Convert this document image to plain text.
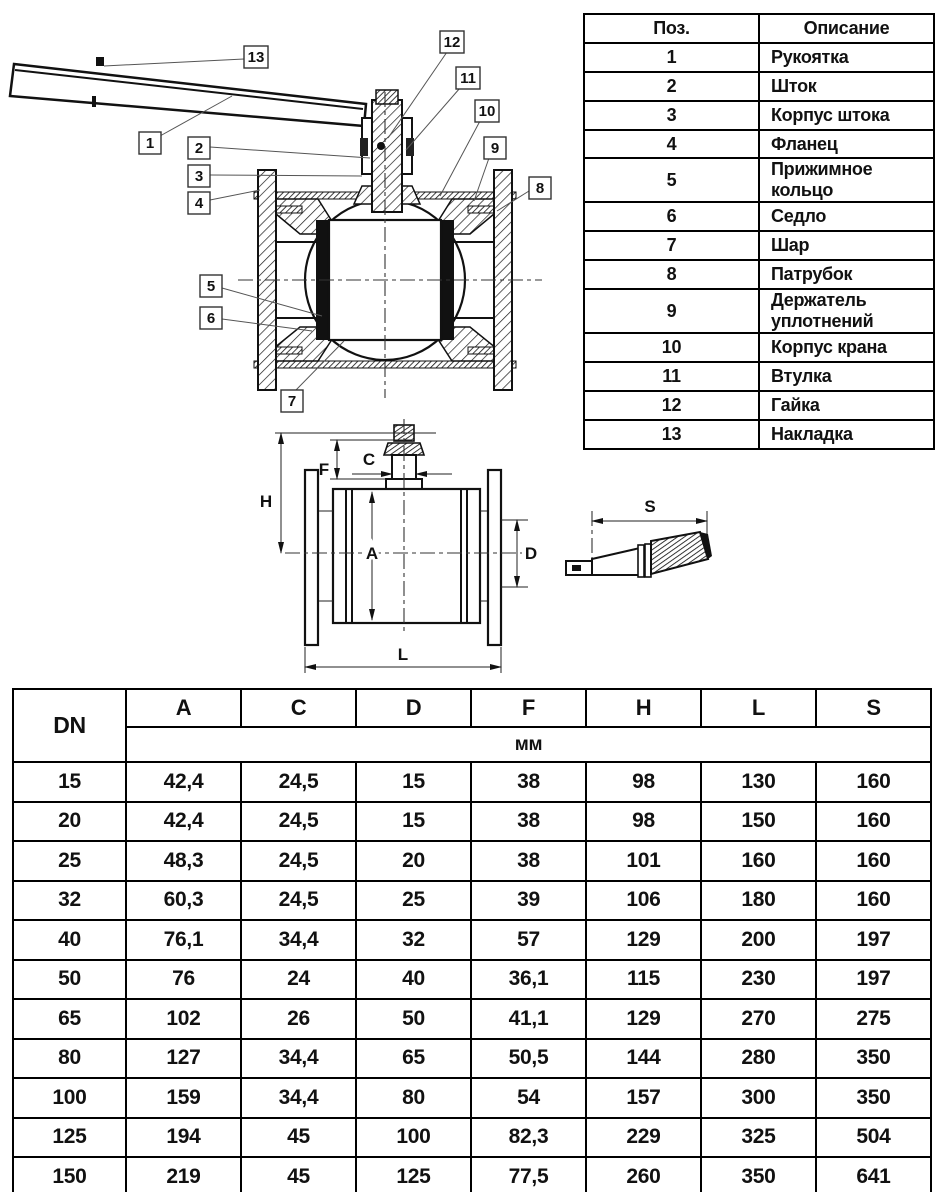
1	2
3
4
5
6
7
8
9
10
11
12
13
Поз.	Описание
1	Рукоятка
2	Шток
3	Корпус штока
4	Фланец
5	Прижимное кольцо
6	Седло
7	Шар
8	Патрубок
9	Держатель уплотнений
10	Корпус крана
11	Втулка
12	Гайка
13	Накладка
H
F
C
A	D
L
S
DN	A	C	D	F	H	L	S
	мм						
15	42,4	24,5	15	38	98	130	160
20	42,4	24,5	15	38	98	150	160
25	48,3	24,5	20	38	101	160	160
32	60,3	24,5	25	39	106	180	160
40	76,1	34,4	32	57	129	200	197
50	76	24	40	36,1	115	230	197
65	102	26	50	41,1	129	270	275
80	127	34,4	65	50,5	144	280	350
100	159	34,4	80	54	157	300	350
125	194	45	100	82,3	229	325	504
150	219	45	125	77,5	260	350	641
